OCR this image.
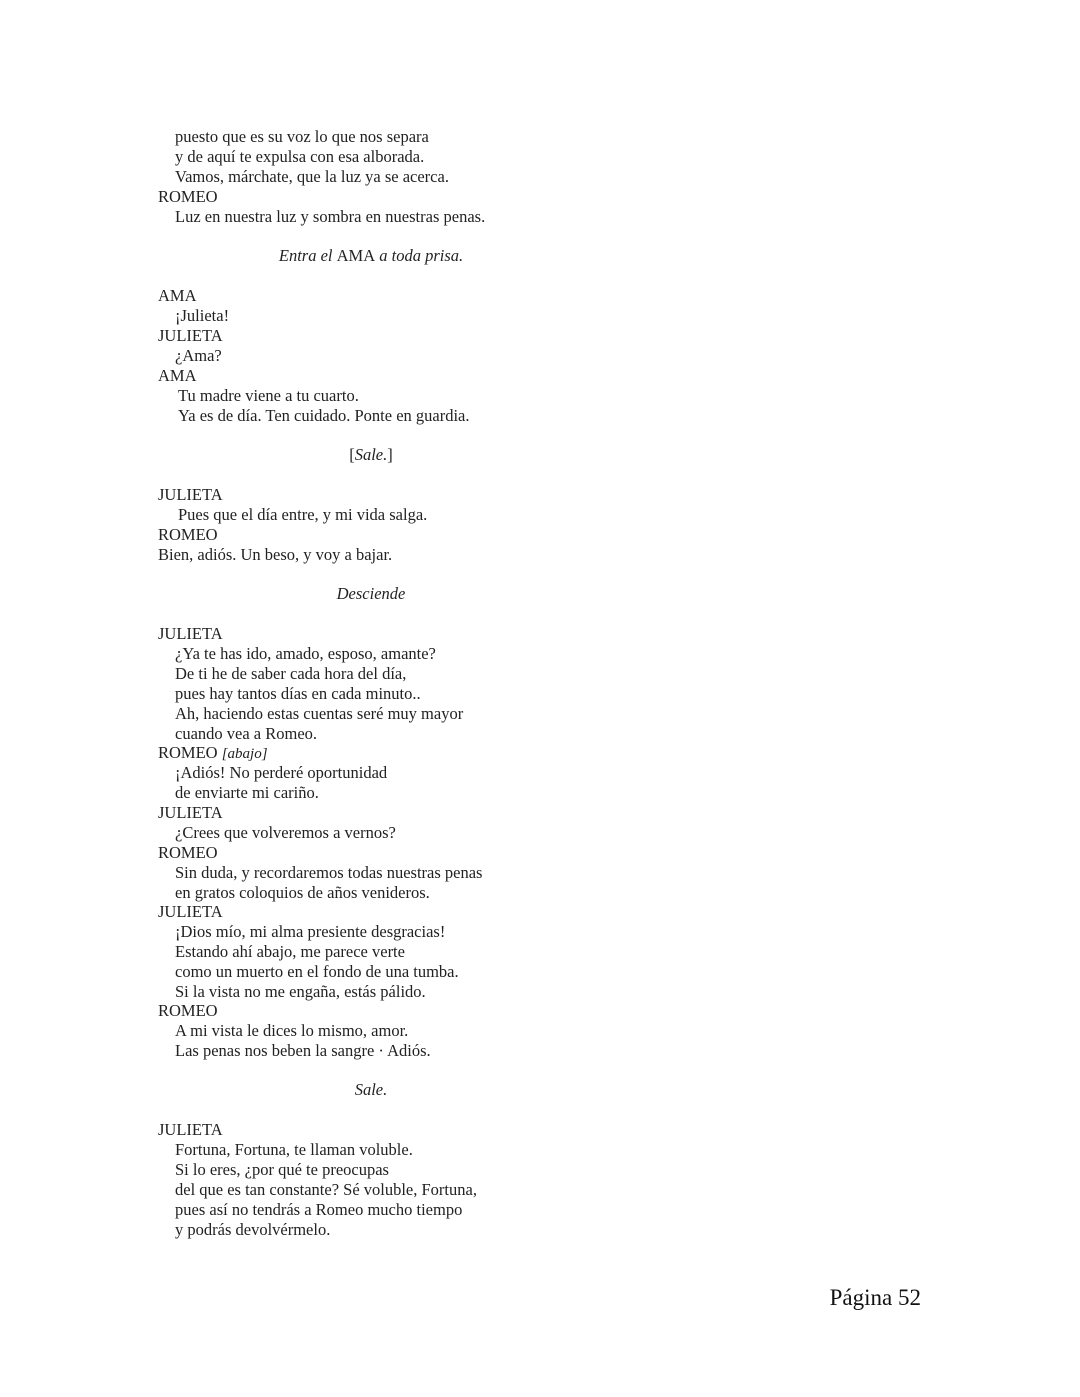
puesto que es su voz lo que nos separa
y de aquí te expulsa con esa alborada.
Vamos, márchate, que la luz ya se acerca.
ROMEO
Luz en nuestra luz y sombra en nuestras penas.
Entra el AMA a toda prisa.
AMA
¡Julieta!
JULIETA
¿Ama?
AMA
Tu madre viene a tu cuarto.
Ya es de día. Ten cuidado. Ponte en guardia.
[Sale.]
JULIETA
Pues que el día entre, y mi vida salga.
ROMEO
Bien, adiós. Un beso, y voy a bajar.
Desciende
JULIETA
¿Ya te has ido, amado, esposo, amante?
De ti he de saber cada hora del día,
pues hay tantos días en cada minuto..
Ah, haciendo estas cuentas seré muy mayor
cuando vea a Romeo.
ROMEO [abajo]
¡Adiós! No perderé oportunidad
de enviarte mi cariño.
JULIETA
¿Crees que volveremos a vernos?
ROMEO
Sin duda, y recordaremos todas nuestras penas
en gratos coloquios de años venideros.
JULIETA
¡Dios mío, mi alma presiente desgracias!
Estando ahí abajo, me parece verte
como un muerto en el fondo de una tumba.
Si la vista no me engaña, estás pálido.
ROMEO
A mi vista le dices lo mismo, amor.
Las penas nos beben la sangre · Adiós.
Sale.
JULIETA
Fortuna, Fortuna, te llaman voluble.
Si lo eres, ¿por qué te preocupas
del que es tan constante? Sé voluble, Fortuna,
pues así no tendrás a Romeo mucho tiempo
y podrás devolvérmelo.
Página 52
